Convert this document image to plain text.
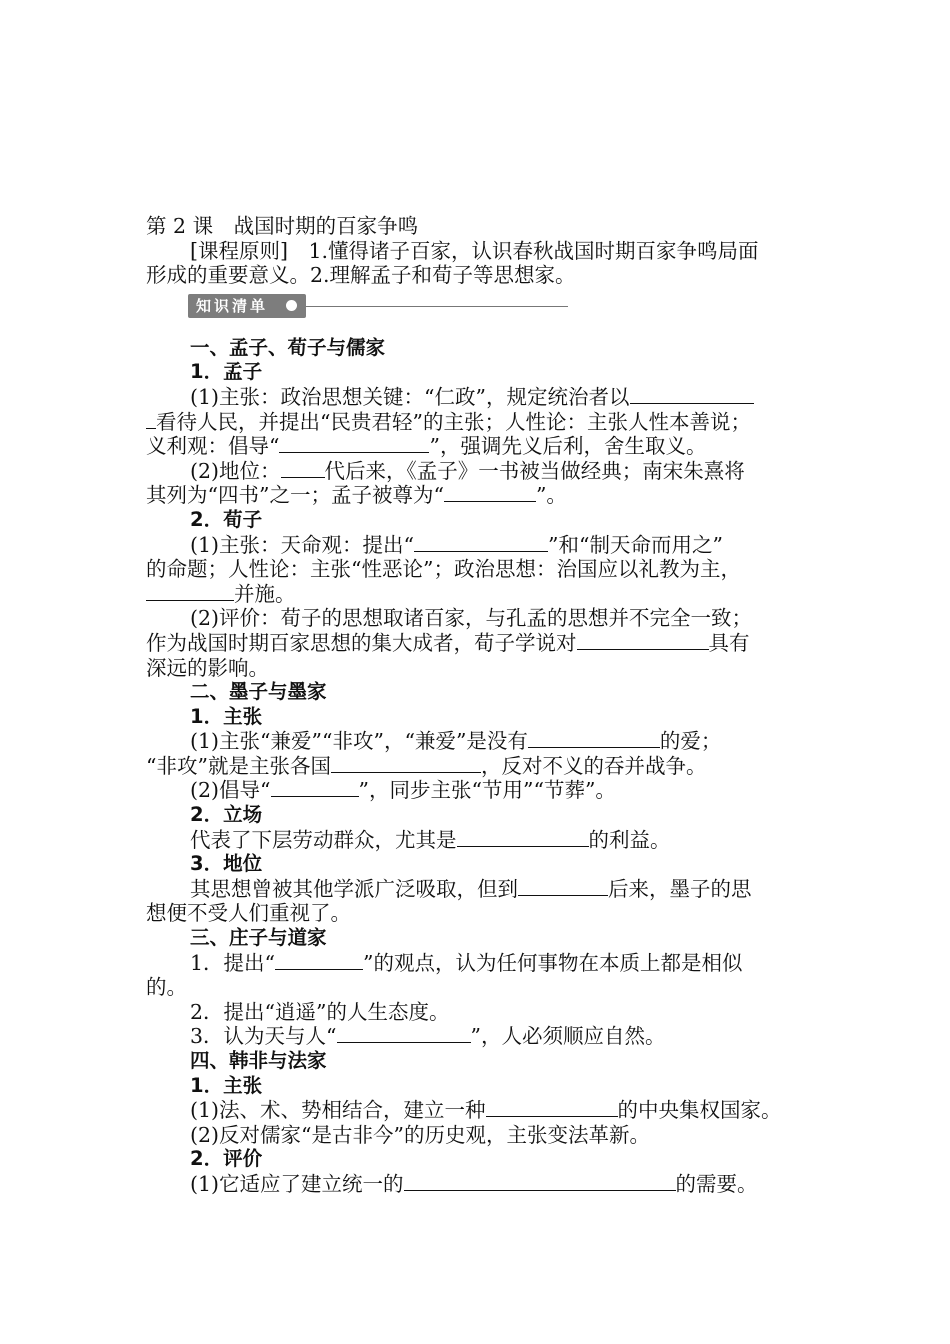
第 2 课　战国时期的百家争鸣
[课程原则]　1.懂得诸子百家，认识春秋战国时期百家争鸣局面
形成的重要意义。2.理解孟子和荀子等思想家。
知识清单
一、孟子、荀子与儒家
1．孟子
(1)主张：政治思想关键：“仁政”，规定统治者以
看待人民，并提出“民贵君轻”的主张；人性论：主张人性本善说；
义利观：倡导“	”，强调先义后利，舍生取义。
(2)地位： 代后来，《孟子》一书被当做经典；南宋朱熹将
其列为“四书”之一；孟子被尊为“	”。
2．荀子
(1)主张：天命观：提出“	”和“制天命而用之”
的命题；人性论：主张“性恶论”；政治思想：治国应以礼教为主，
并施。
(2)评价：荀子的思想取诸百家，与孔孟的思想并不完全一致；
作为战国时期百家思想的集大成者，荀子学说对	具有
深远的影响。
二、墨子与墨家
1．主张
(1)主张“兼爱”“非攻”，“兼爱”是没有	的爱；
“非攻”就是主张各国	，反对不义的吞并战争。
(2)倡导“	”，同步主张“节用”“节葬”。
2．立场
代表了下层劳动群众，尤其是	的利益。
3．地位
其思想曾被其他学派广泛吸取，但到	后来，墨子的思
想便不受人们重视了。
三、庄子与道家
1．提出“	”的观点，认为任何事物在本质上都是相似
的。
2．提出“逍遥”的人生态度。
3．认为天与人“	”，人必须顺应自然。
四、韩非与法家
1．主张
(1)法、术、势相结合，建立一种	的中央集权国家。
(2)反对儒家“是古非今”的历史观，主张变法革新。
2．评价
(1)它适应了建立统一的	的需要。
